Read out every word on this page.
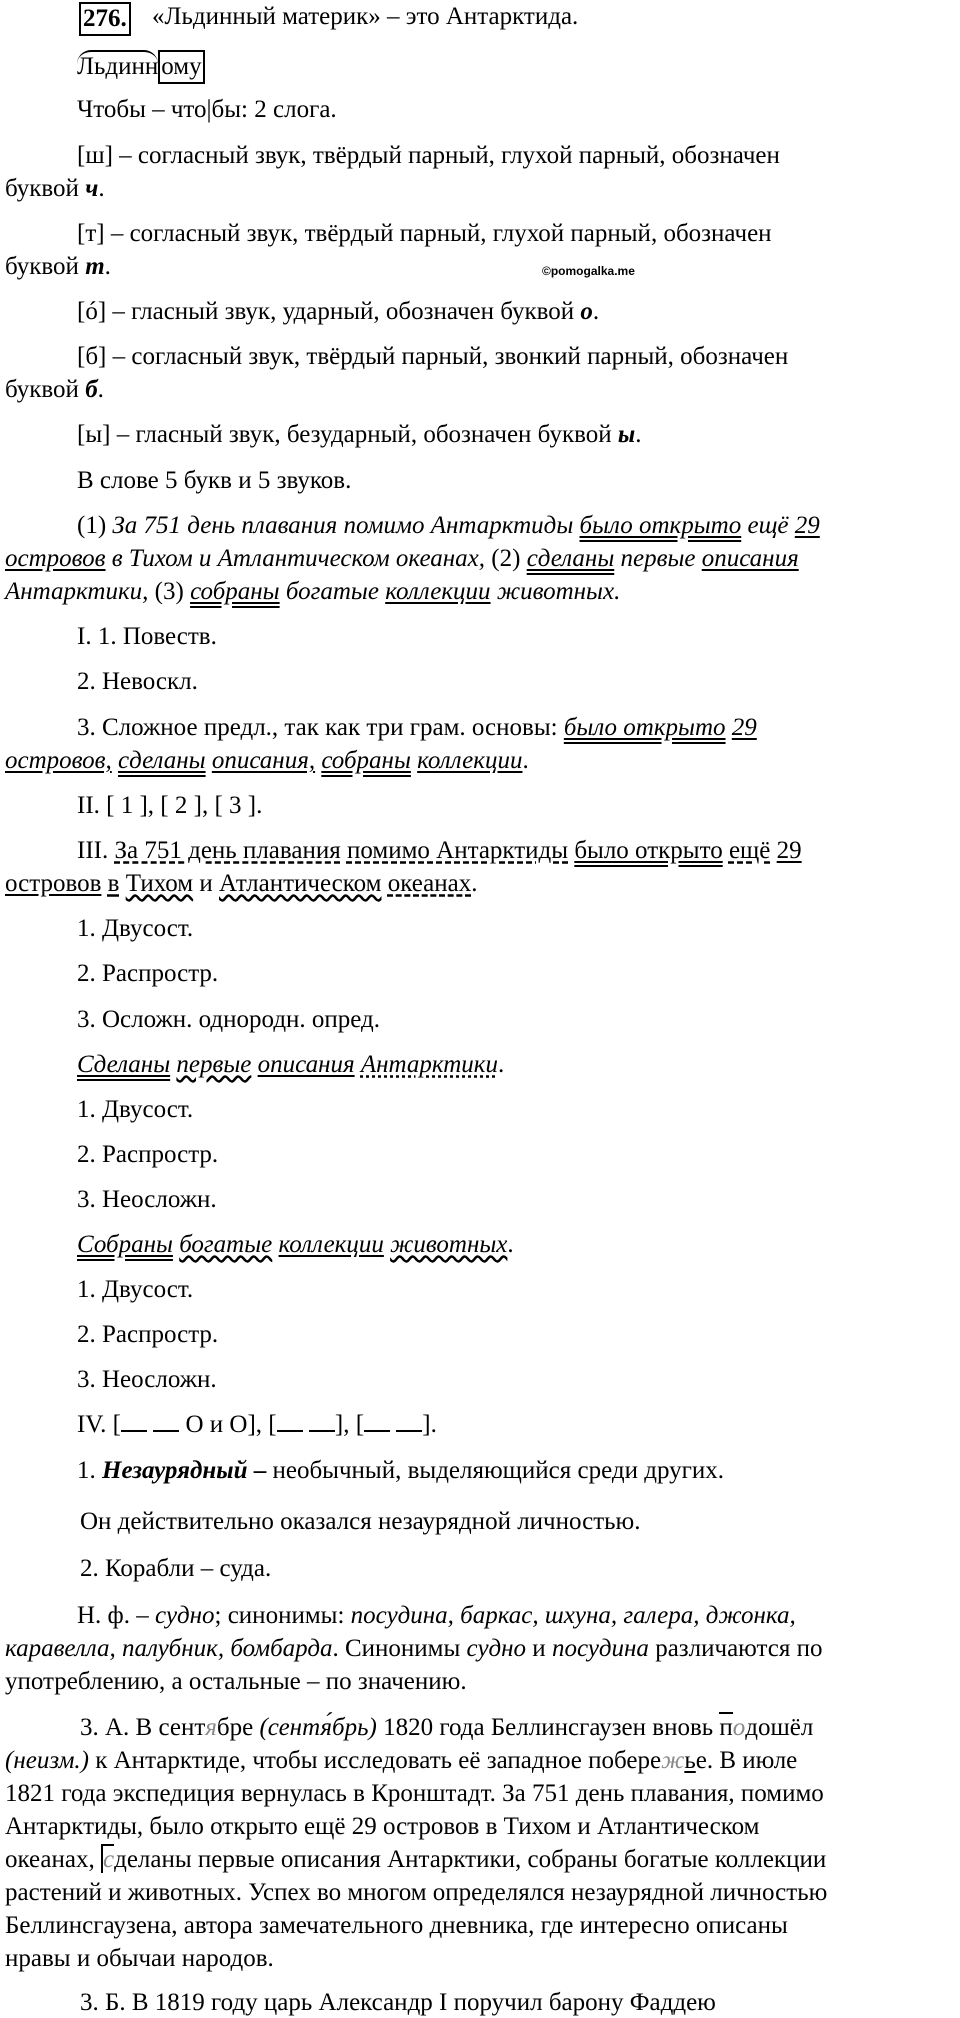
276. «Льдинный материк» – это Антарктида.
Льдинн ому
Чтобы – что|бы: 2 слога.
[ш] – согласный звук, твёрдый парный, глухой парный, обозначен
буквой ч.
[т] – согласный звук, твёрдый парный, глухой парный, обозначен
буквой т.	©pomogalka.me
[ó] – гласный звук, ударный, обозначен буквой о.
[б] – согласный звук, твёрдый парный, звонкий парный, обозначен
буквой б.
[ы] – гласный звук, безударный, обозначен буквой ы.
В слове 5 букв и 5 звуков.
(1) За 751 день плавания помимо Антарктиды было открыто ещё 29
островов в Тихом и Атлантическом океанах, (2) сделаны первые описания
Антарктики, (3) собраны богатые коллекции животных.
I. 1. Повеств.
2. Невоскл.
3. Сложное предл., так как три грам. основы: было открыто 29
островов, сделаны описания, собраны коллекции.
II. [ 1 ], [ 2 ], [ 3 ].
III. За 751 день плавания помимо Антарктиды было открыто ещё 29
островов в Тихом и Атлантическом океанах.
1. Двусост.
2. Распростр.
3. Осложн. однородн. опред.
Сделаны первые описания Антарктики.
1. Двусост.
2. Распростр.
3. Неосложн.
Собраны богатые коллекции животных.
1. Двусост.
2. Распростр.
3. Неосложн.
IV. [  О и О], [ ], [ ].
1. Незаурядный – необычный, выделяющийся среди других.
Он действительно оказался незаурядной личностью.
2. Корабли – суда.
Н. ф. – судно; синонимы: посудина, баркас, шхуна, галера, джонка,
каравелла, палубник, бомбарда. Синонимы судно и посудина различаются по
употреблению, а остальные – по значению.
3. А. В сентябре (сентя́брь) 1820 года Беллинсгаузен вновь подошёл
(неизм.) к Антарктиде, чтобы исследовать её западное побережье. В июле
1821 года экспедиция вернулась в Кронштадт. За 751 день плавания, помимо
Антарктиды, было открыто ещё 29 островов в Тихом и Атлантическом
океанах, сделаны первые описания Антарктики, собраны богатые коллекции
растений и животных. Успех во многом определялся незаурядной личностью
Беллинсгаузена, автора замечательного дневника, где интересно описаны
нравы и обычаи народов.
3. Б. В 1819 году царь Александр I поручил барону Фаддею
